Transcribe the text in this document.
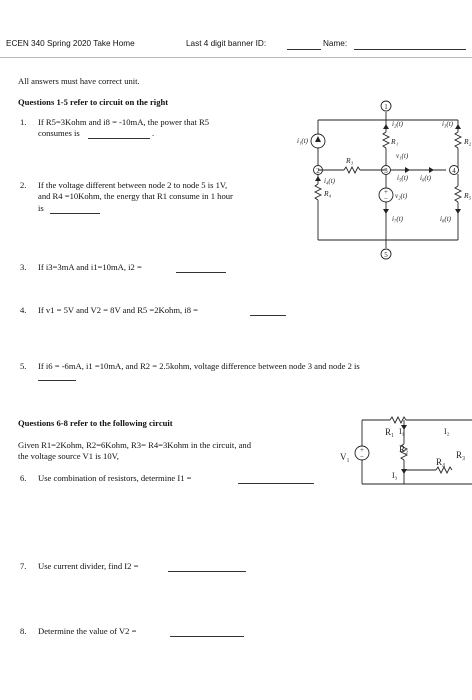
ECEN 340 Spring 2020 Take Home	Last 4 digit banner ID:	Name:
All answers must have correct unit.
Questions 1-5 refer to circuit on the right
1. If R5=3Kohm and i8 = -10mA, the power that R5
consumes is	.
2. If the voltage different between node 2 to node 5 is 1V,
and R4 =10Kohm, the energy that R1 consume in 1 hour
is
3. If i3=3mA and i1=10mA, i2 =
4. If v1 = 5V and V2 = 8V and R5 =2Kohm, i8 =
5. If i6 = -6mA, i1 =10mA, and R2 = 2.5kohm, voltage difference between node 3 and node 2 is
Questions 6-8 refer to the following circuit
Given R1=2Kohm, R2=6Kohm, R3= R4=3Kohm in the circuit, and
the voltage source V1 is 10V,
6. Use combination of resistors, determine I1 =
7. Use current divider, find I2 =
8. Determine the value of V2 =
1
2	3	4
5
+
−
i₁(t)
i₂(t)	i₃(t)
i₄(t)	i₅(t) i₆(t)
i₇(t)	i₈(t)
v₁(t)
v₂(t)
R₁	R₂
R₃
R₄	R₅
+
−
V₁
R₁
R₂
R₃
R₄
I₁	I₂
I₃
